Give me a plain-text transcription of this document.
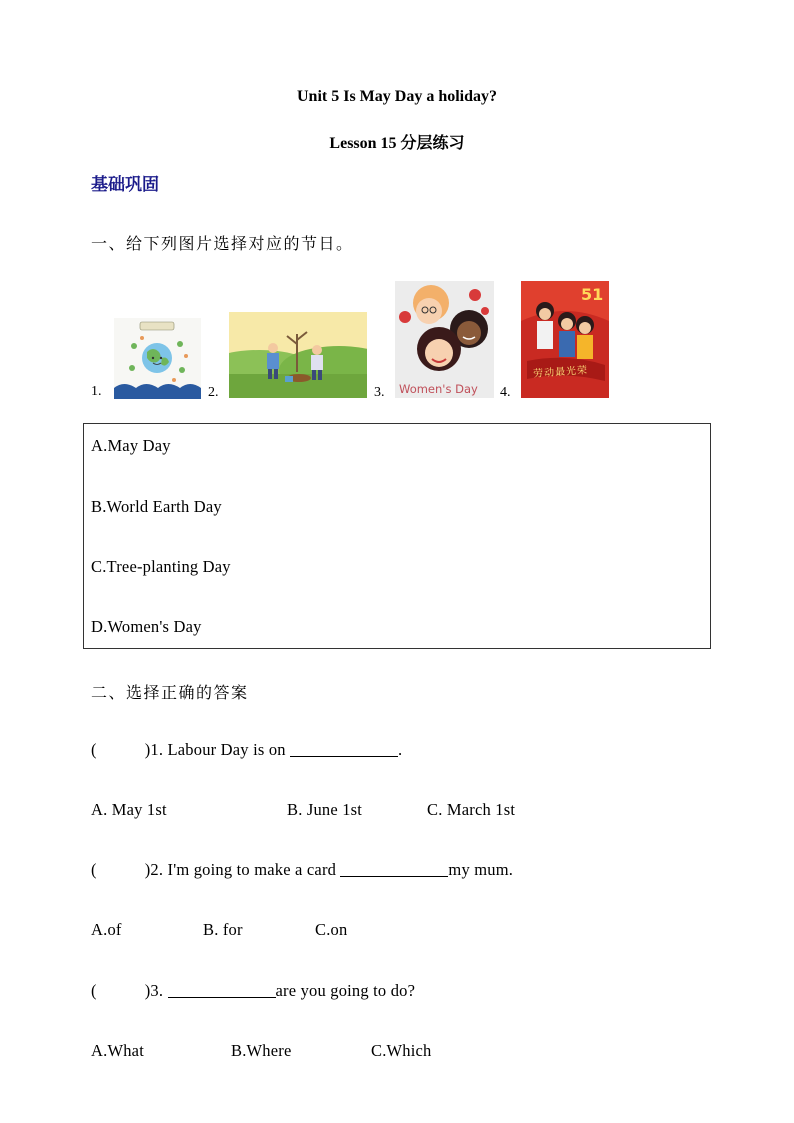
Unit 5 Is May Day a holiday?
Lesson 15 分层练习
基础巩固
一、给下列图片选择对应的节日。
1.	2.	3. Women's Day 4.
51
劳动最光荣
A.May Day
B.World Earth Day
C.Tree-planting Day
D.Women's Day
二、选择正确的答案
(	)1. Labour Day is on	.
A. May 1st	B. June 1st	C. March 1st
(	)2. I'm going to make a card	my mum.
A.of	B. for	C.on
(	)3.	are you going to do?
A.What	B.Where	C.Which
